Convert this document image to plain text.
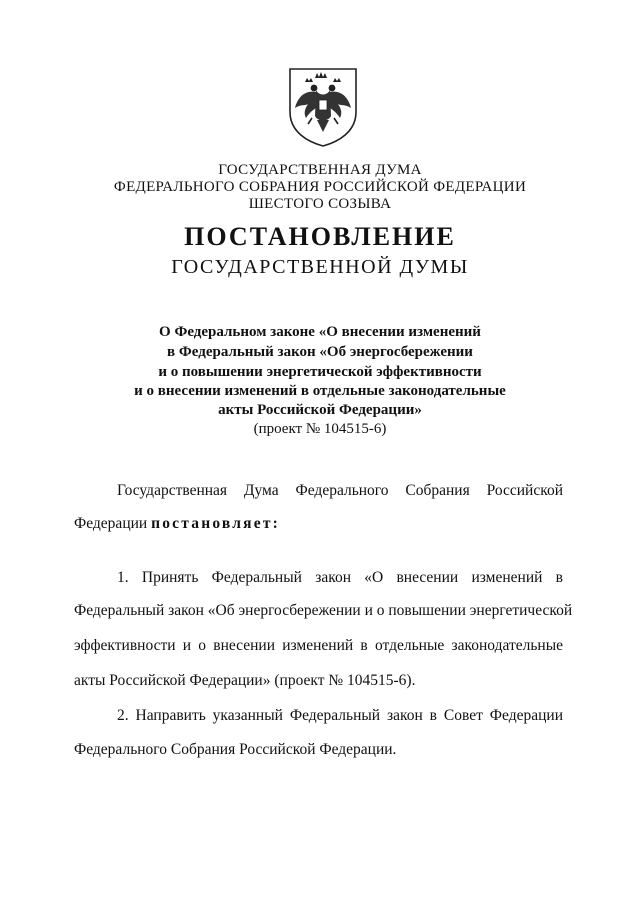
ГОСУДАРСТВЕННАЯ ДУМА
ФЕДЕРАЛЬНОГО СОБРАНИЯ РОССИЙСКОЙ ФЕДЕРАЦИИ
ШЕСТОГО СОЗЫВА
ПОСТАНОВЛЕНИЕ
ГОСУДАРСТВЕННОЙ ДУМЫ
О Федеральном законе «О внесении изменений
в Федеральный закон «Об энергосбережении
и о повышении энергетической эффективности
и о внесении изменений в отдельные законодательные
акты Российской Федерации»
(проект № 104515-6)
Государственная Дума Федерального Собрания Российской
Федерации постановляет:
1. Принять Федеральный закон «О внесении изменений в
Федеральный закон «Об энергосбережении и о повышении энергетической
эффективности и о внесении изменений в отдельные законодательные
акты Российской Федерации» (проект № 104515-6).
2. Направить указанный Федеральный закон в Совет Федерации
Федерального Собрания Российской Федерации.
